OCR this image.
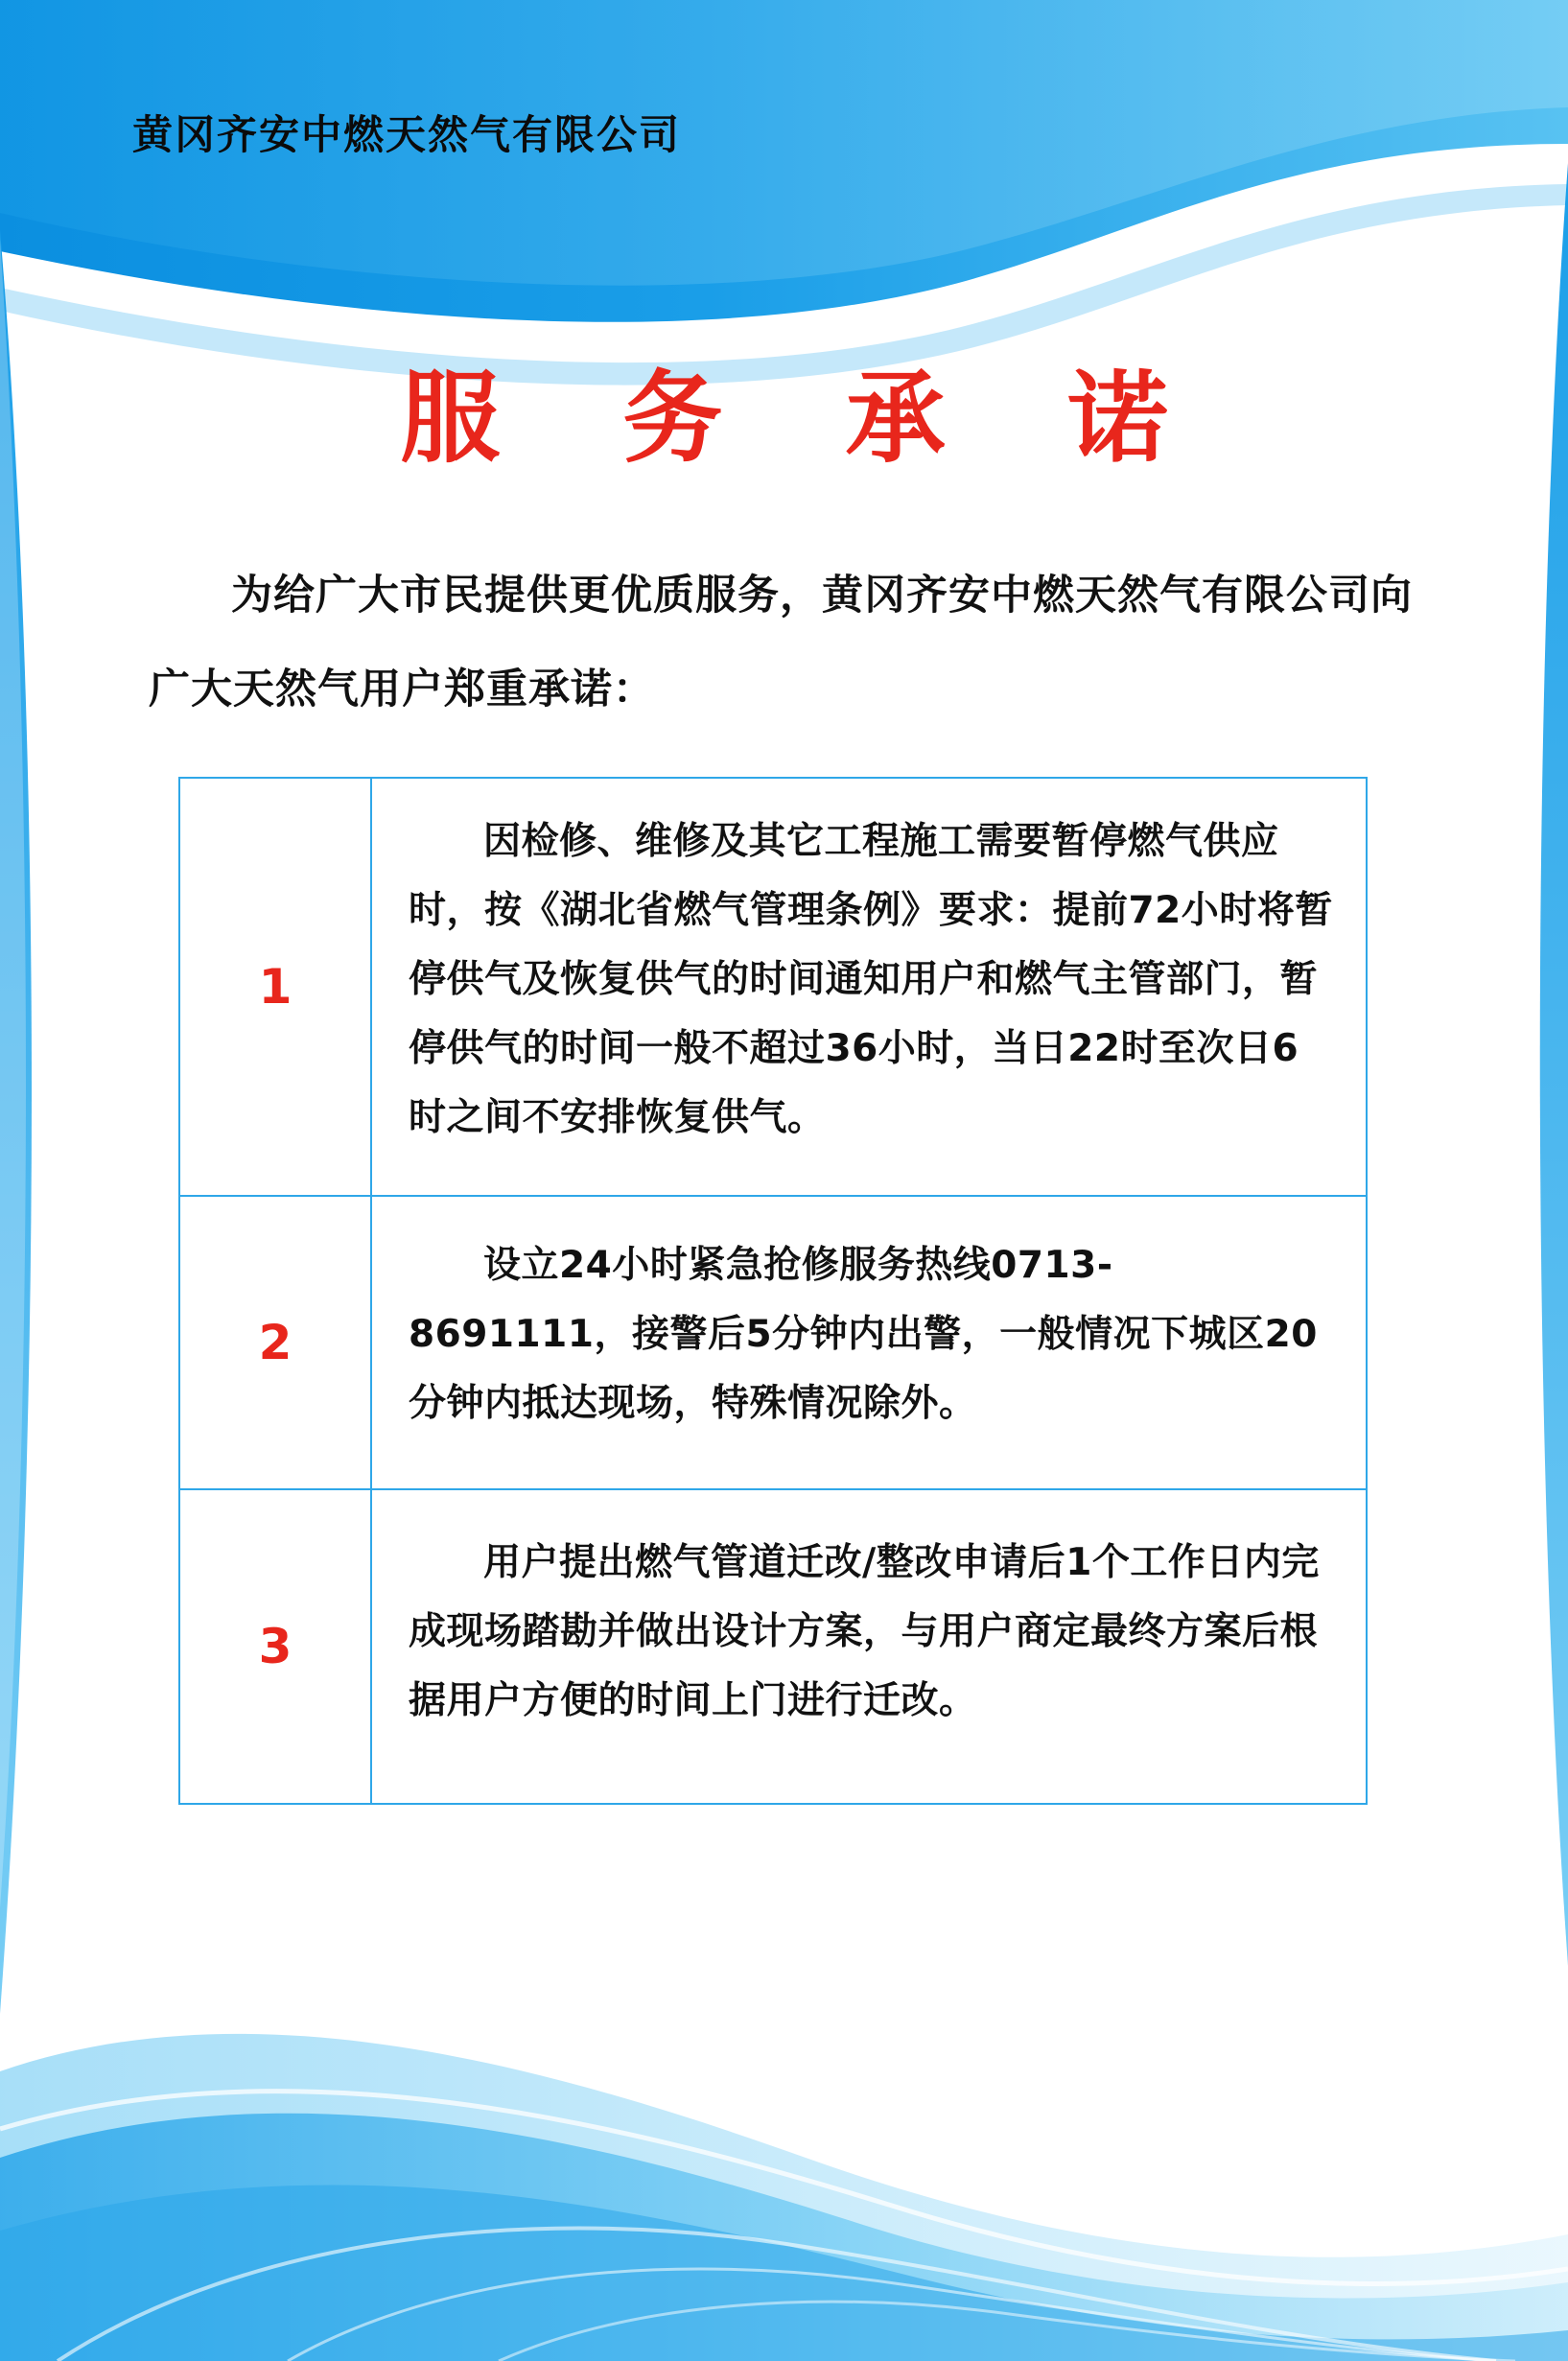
黄冈齐安中燃天然气有限公司
服 务 承 诺
为给广大市民提供更优质服务，黄冈齐安中燃天然气有限公司向广大天然气用户郑重承诺：
1	因检修、维修及其它工程施工需要暂停燃气供应时，按《湖北省燃气管理条例》要求：提前72小时将暂停供气及恢复供气的时间通知用户和燃气主管部门，暂停供气的时间一般不超过36小时，当日22时至次日6时之间不安排恢复供气。

2	设立24小时紧急抢修服务热线0713-8691111，接警后5分钟内出警，一般情况下城区20分钟内抵达现场，特殊情况除外。

3	用户提出燃气管道迁改/整改申请后1个工作日内完成现场踏勘并做出设计方案，与用户商定最终方案后根据用户方便的时间上门进行迁改。
